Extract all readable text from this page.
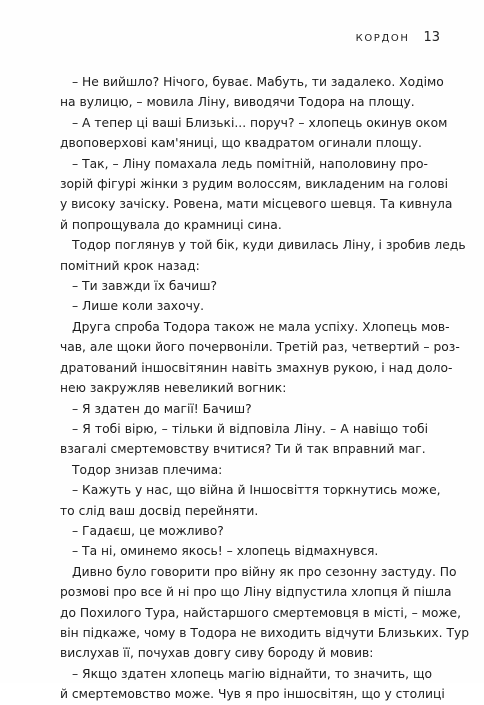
КОРДОН 13
– Не вийшло? Нічого, буває. Мабуть, ти задалеко. Ходімо
на вулицю, – мовила Ліну, виводячи Тодора на площу.
– А тепер ці ваші Близькі... поруч? – хлопець окинув оком
двоповерхові кам'яниці, що квадратом огинали площу.
– Так, – Ліну помахала ледь помітній, наполовину про-
зорій фігурі жінки з рудим волоссям, викладеним на голові
у високу зачіску. Ровена, мати місцевого шевця. Та кивнула
й попрощувала до крамниці сина.
Тодор поглянув у той бік, куди дивилась Ліну, і зробив ледь
помітний крок назад:
– Ти завжди їх бачиш?
– Лише коли захочу.
Друга спроба Тодора також не мала успіху. Хлопець мов-
чав, але щоки його почервоніли. Третій раз, четвертий – роз-
дратований іншосвітянин навіть змахнув рукою, і над доло-
нею закружляв невеликий вогник:
– Я здатен до магії! Бачиш?
– Я тобі вірю, – тільки й відповіла Ліну. – А навіщо тобі
взагалі смертемовству вчитися? Ти й так вправний маг.
Тодор знизав плечима:
– Кажуть у нас, що війна й Іншосвіття торкнутись може,
то слід ваш досвід перейняти.
– Гадаєш, це можливо?
– Та ні, оминемо якось! – хлопець відмахнувся.
Дивно було говорити про війну як про сезонну застуду. По
розмові про все й ні про що Ліну відпустила хлопця й пішла
до Похилого Тура, найстаршого смертемовця в місті, – може,
він підкаже, чому в Тодора не виходить відчути Близьких. Тур
вислухав її, почухав довгу сиву бороду й мовив:
– Якщо здатен хлопець магію віднайти, то значить, що
й смертемовство може. Чув я про іншосвітян, що у столиці
